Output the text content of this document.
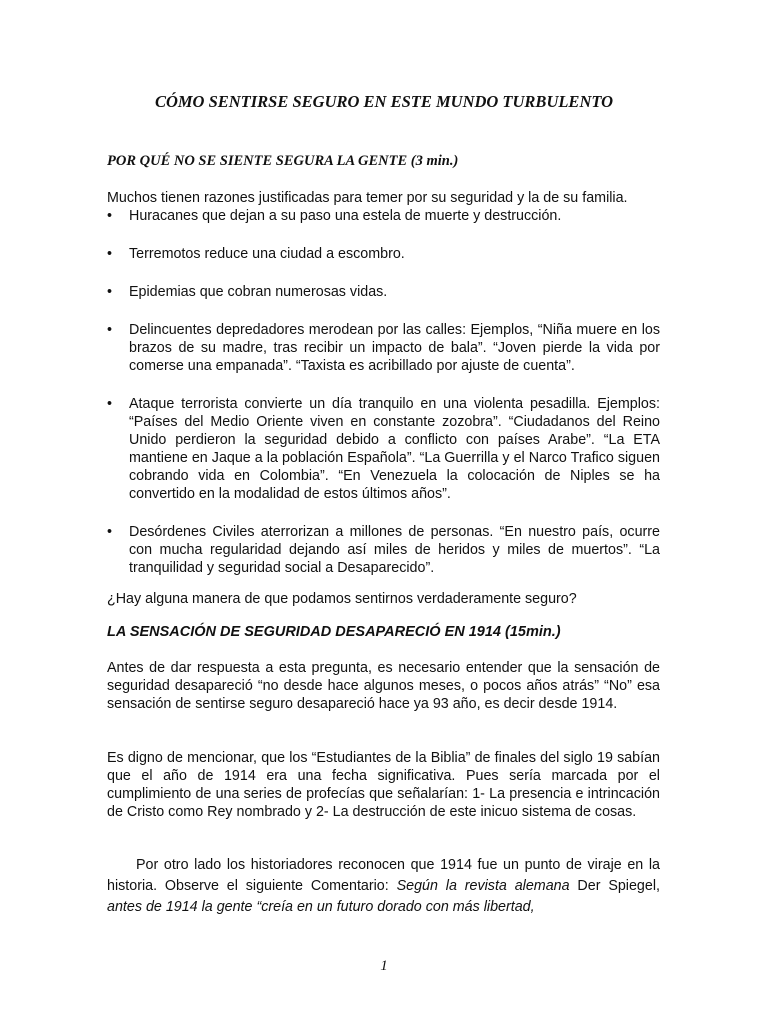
CÓMO SENTIRSE SEGURO EN ESTE MUNDO TURBULENTO
POR QUÉ NO SE SIENTE SEGURA LA GENTE (3 min.)
Muchos tienen razones justificadas para temer por su seguridad y la de su familia.
•	Huracanes que dejan a su paso una estela de muerte y destrucción.
•	Terremotos reduce una ciudad a escombro.
•	Epidemias que cobran numerosas vidas.
•	Delincuentes depredadores merodean por las calles: Ejemplos, “Niña muere en los brazos de su madre, tras recibir un impacto de bala”. “Joven pierde la vida por comerse una empanada”. “Taxista es acribillado por ajuste de cuenta”.
•	Ataque terrorista convierte un día tranquilo en una violenta pesadilla. Ejemplos: “Países del Medio Oriente viven en constante zozobra”. “Ciudadanos del Reino Unido perdieron la seguridad debido a conflicto con países Arabe”. “La ETA mantiene en Jaque a la población Española”. “La Guerrilla y el Narco Trafico siguen cobrando vida en Colombia”. “En Venezuela la colocación de Niples se ha convertido en la modalidad de estos últimos años”.
•	Desórdenes Civiles aterrorizan a millones de personas. “En nuestro país, ocurre con mucha regularidad dejando así miles de heridos y miles de muertos”. “La tranquilidad y seguridad social a Desaparecido”.
¿Hay alguna manera de que podamos sentirnos verdaderamente seguro?
LA SENSACIÓN DE SEGURIDAD DESAPARECIÓ EN 1914 (15min.)
Antes de dar respuesta a esta pregunta, es necesario entender que la sensación de seguridad desapareció “no desde hace algunos meses, o pocos años atrás” “No” esa sensación de sentirse seguro desapareció hace ya 93 año, es decir desde 1914.
Es digno de mencionar, que los “Estudiantes de la Biblia” de finales del siglo 19 sabían que el año de 1914 era una fecha significativa. Pues sería marcada por el cumplimiento de una series de profecías que señalarían: 1- La presencia e intrincación de Cristo como Rey nombrado y 2- La destrucción de este inicuo sistema de cosas.
Por otro lado los historiadores reconocen que 1914 fue un punto de viraje en la historia. Observe el siguiente Comentario: Según la revista alemana Der Spiegel, antes de 1914 la gente “creía en un futuro dorado con más libertad,
1
